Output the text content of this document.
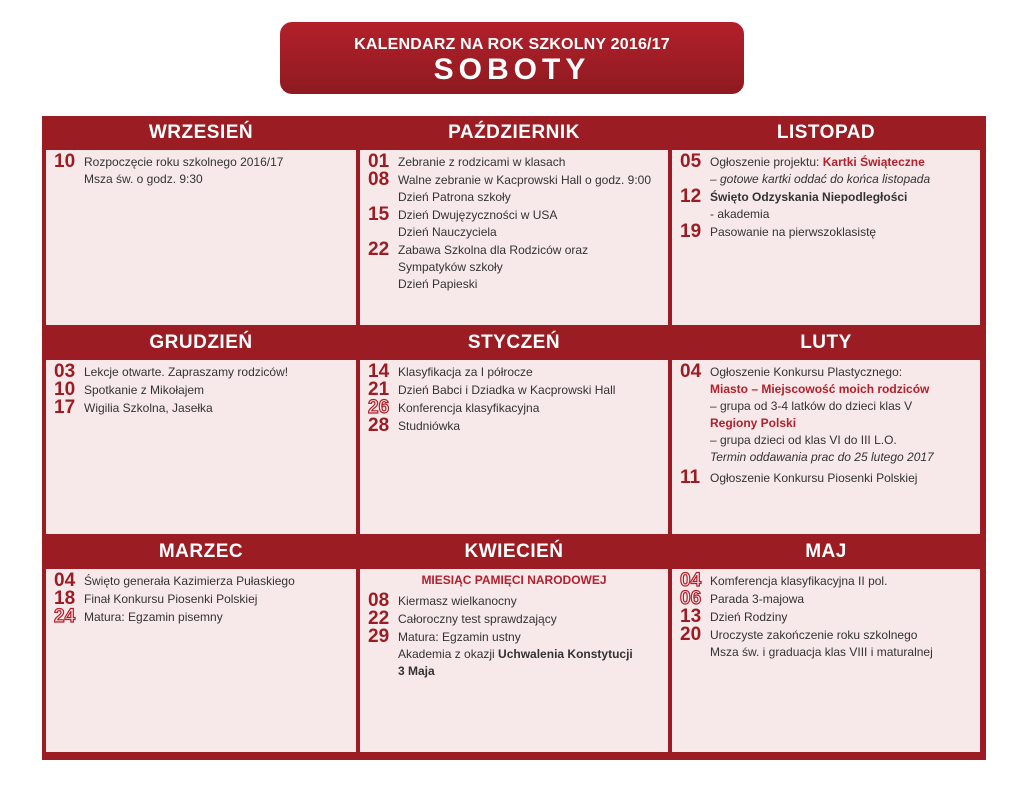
KALENDARZ NA ROK SZKOLNY 2016/17
SOBOTY
WRZESIEŃ
10 Rozpoczęcie roku szkolnego 2016/17
Msza św. o godz. 9:30
PAŹDZIERNIK
01 Zebranie z rodzicami w klasach
08 Walne zebranie w Kacprowski Hall o godz. 9:00
Dzień Patrona szkoły
15 Dzień Dwujęzyczności w USA
Dzień Nauczyciela
22 Zabawa Szkolna dla Rodziców oraz
Sympatyków szkoły
Dzień Papieski
LISTOPAD
05 Ogłoszenie projektu: Kartki Świąteczne
– gotowe kartki oddać do końca listopada
12 Święto Odzyskania Niepodległości
- akademia
19 Pasowanie na pierwszoklasistę
GRUDZIEŃ
03 Lekcje otwarte. Zapraszamy rodziców!
10 Spotkanie z Mikołajem
17 Wigilia Szkolna, Jasełka
STYCZEŃ
14 Klasyfikacja za I półrocze
21 Dzień Babci i Dziadka w Kacprowski Hall
26 Konferencja klasyfikacyjna
28 Studniówka
LUTY
04 Ogłoszenie Konkursu Plastycznego:
Miasto – Miejscowość moich rodziców
– grupa od 3-4 latków do dzieci klas V
Regiony Polski
– grupa dzieci od klas VI do III L.O.
Termin oddawania prac do 25 lutego 2017
11 Ogłoszenie Konkursu Piosenki Polskiej
MARZEC
04 Święto generała Kazimierza Pułaskiego
18 Finał Konkursu Piosenki Polskiej
24 Matura: Egzamin pisemny
KWIECIEŃ
MIESIĄC PAMIĘCI NARODOWEJ
08 Kiermasz wielkanocny
22 Całoroczny test sprawdzający
29 Matura: Egzamin ustny
Akademia z okazji Uchwalenia Konstytucji
3 Maja
MAJ
04 Komferencja klasyfikacyjna II pol.
06 Parada 3-majowa
13 Dzień Rodziny
20 Uroczyste zakończenie roku szkolnego
Msza św. i graduacja klas VIII i maturalnej
